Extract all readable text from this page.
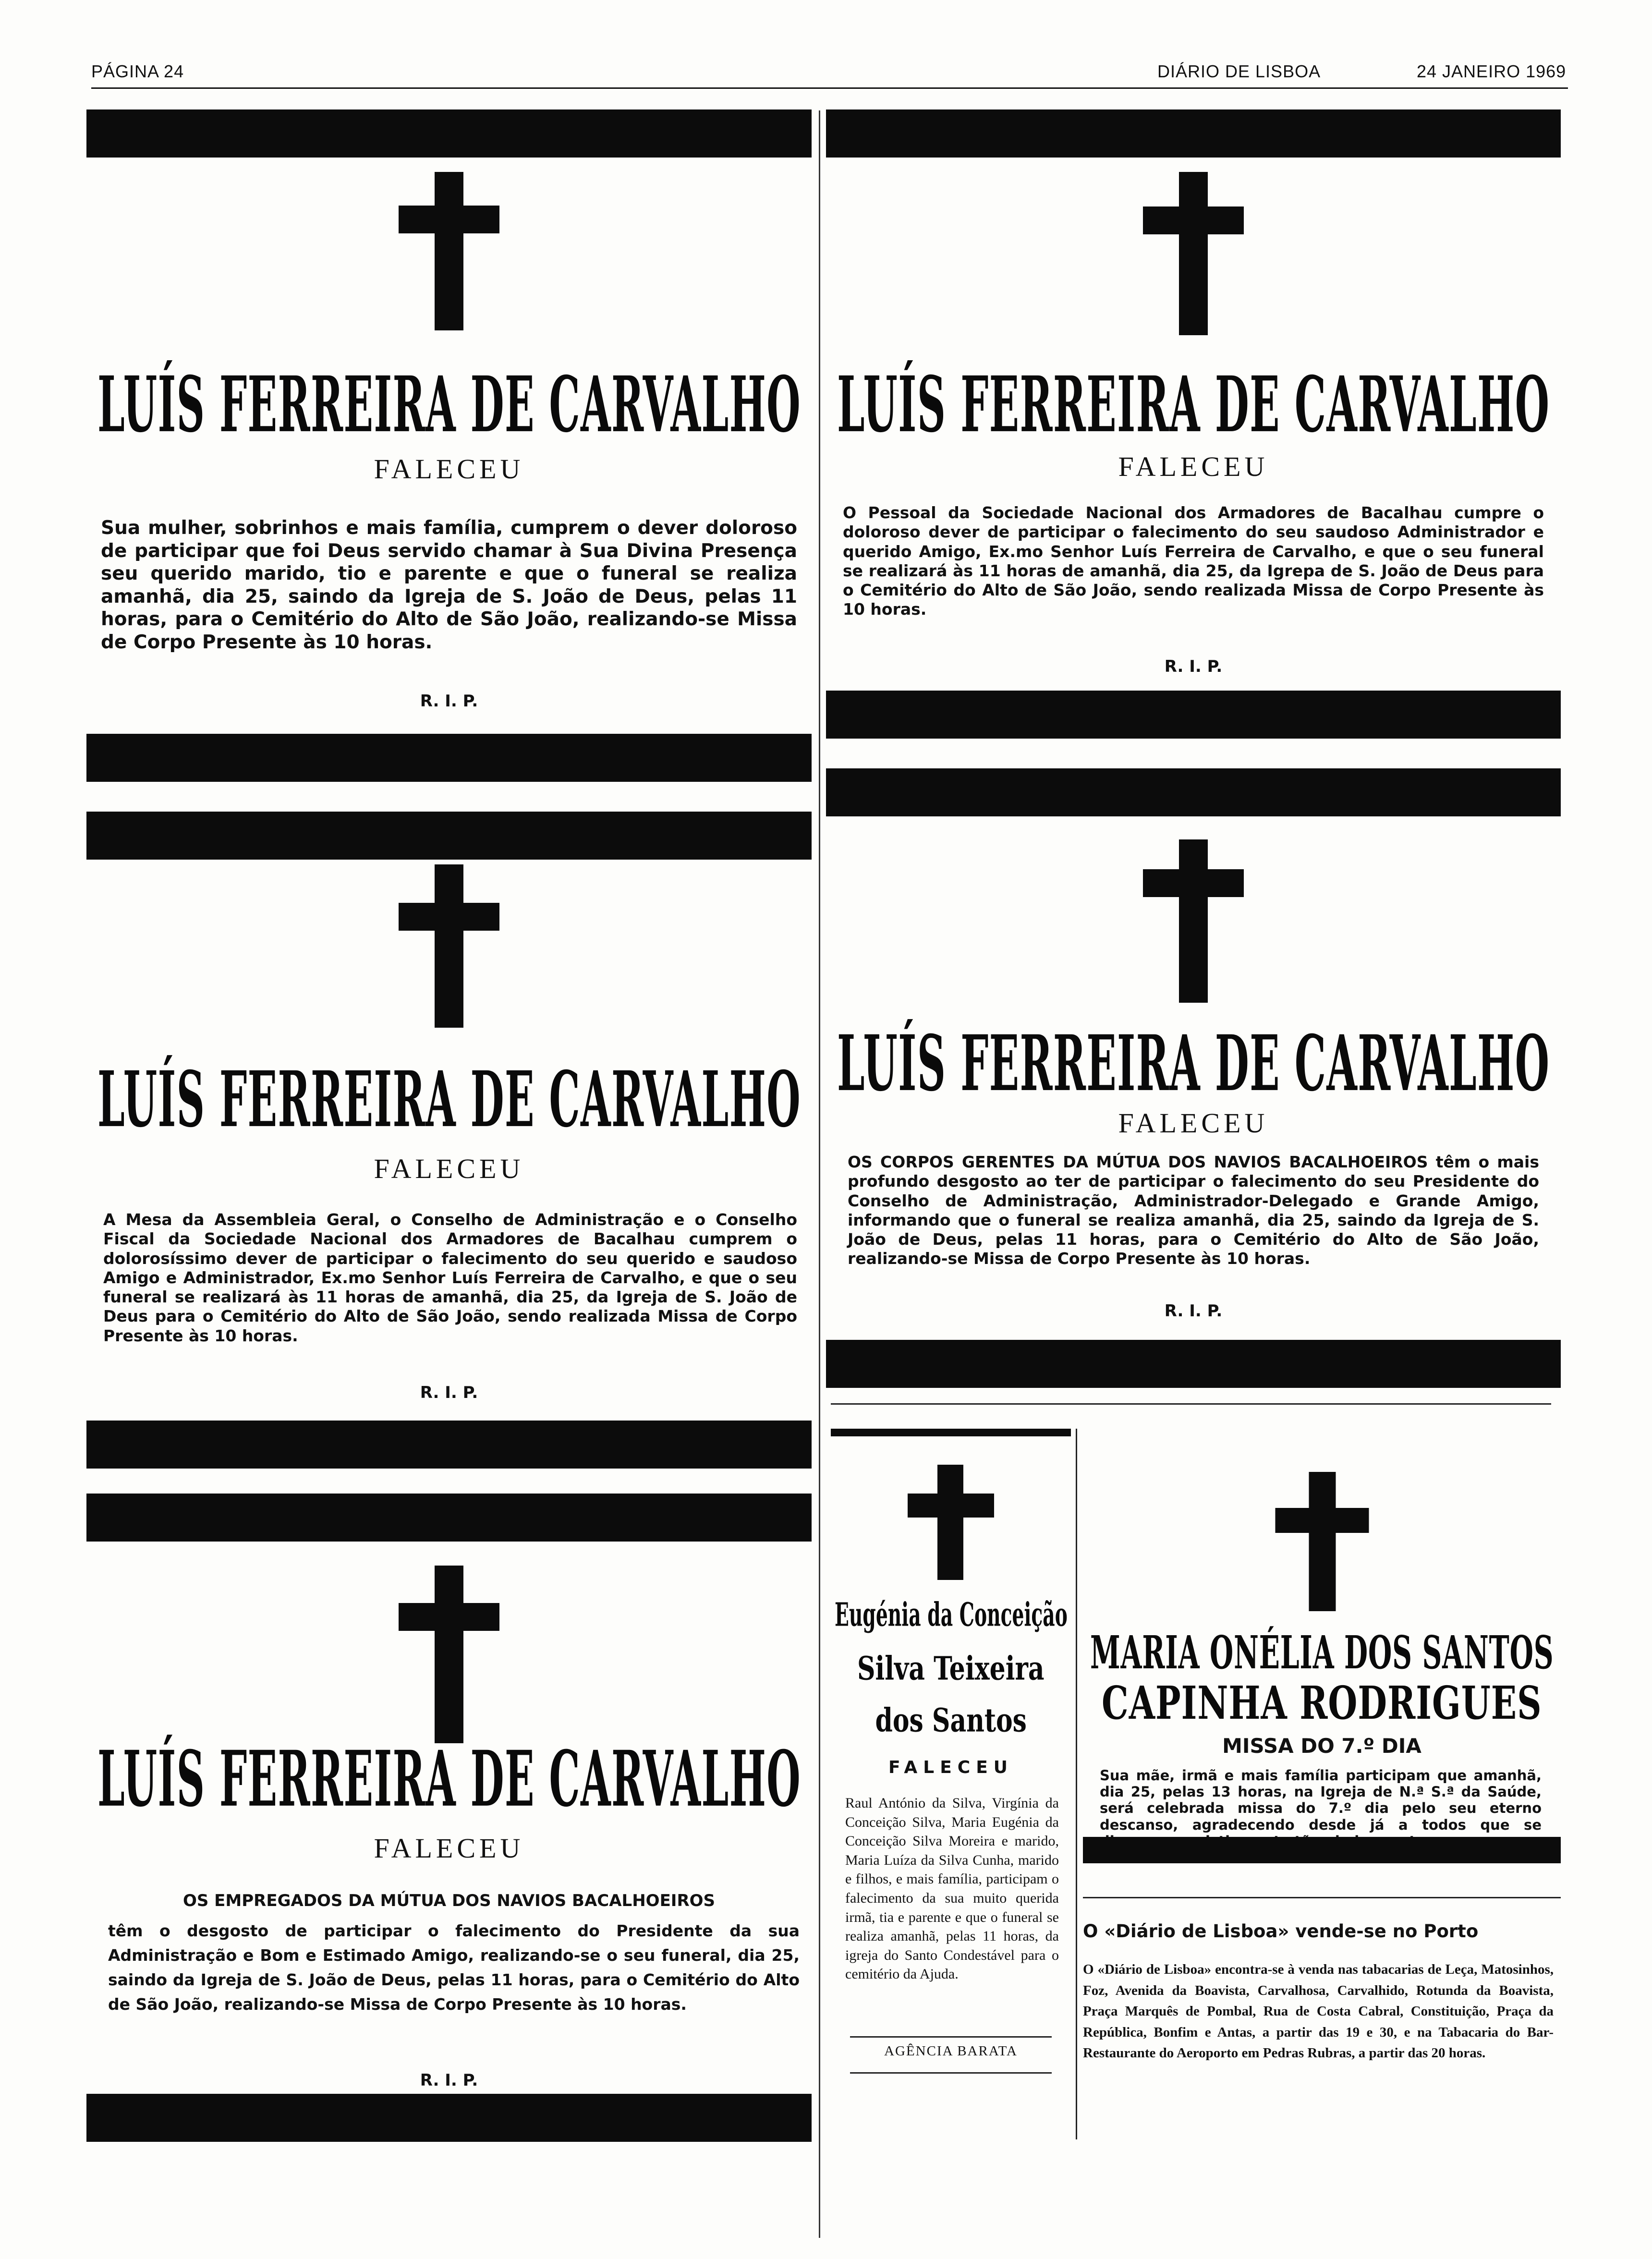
PÁGINA 24	DIÁRIO DE LISBOA	24 JANEIRO 1969
LUÍS FERREIRA DE CARVALHO
FALECEU
Sua mulher, sobrinhos e mais família, cumprem o dever doloroso de participar que foi Deus servido chamar à Sua Divina Presença seu querido marido, tio e parente e que o funeral se realiza amanhã, dia 25, saindo da Igreja de S. João de Deus, pelas 11 horas, para o Cemitério do Alto de São João, realizando-se Missa de Corpo Presente às 10 horas.
R. I. P.
LUÍS FERREIRA DE CARVALHO
FALECEU
O Pessoal da Sociedade Nacional dos Armadores de Bacalhau cumpre o doloroso dever de participar o falecimento do seu saudoso Administrador e querido Amigo, Ex.mo Senhor Luís Ferreira de Carvalho, e que o seu funeral se realizará às 11 horas de amanhã, dia 25, da Igrepa de S. João de Deus para o Cemitério do Alto de São João, sendo realizada Missa de Corpo Presente às 10 horas.
R. I. P.
LUÍS FERREIRA DE CARVALHO
FALECEU
A Mesa da Assembleia Geral, o Conselho de Administração e o Conselho Fiscal da Sociedade Nacional dos Armadores de Bacalhau cumprem o dolorosíssimo dever de participar o falecimento do seu querido e saudoso Amigo e Administrador, Ex.mo Senhor Luís Ferreira de Carvalho, e que o seu funeral se realizará às 11 horas de amanhã, dia 25, da Igreja de S. João de Deus para o Cemitério do Alto de São João, sendo realizada Missa de Corpo Presente às 10 horas.
R. I. P.
LUÍS FERREIRA DE CARVALHO
FALECEU
OS CORPOS GERENTES DA MÚTUA DOS NAVIOS BACALHOEIROS têm o mais profundo desgosto ao ter de participar o falecimento do seu Presidente do Conselho de Administração, Administrador-Delegado e Grande Amigo, informando que o funeral se realiza amanhã, dia 25, saindo da Igreja de S. João de Deus, pelas 11 horas, para o Cemitério do Alto de São João, realizando-se Missa de Corpo Presente às 10 horas.
R. I. P.
LUÍS FERREIRA DE CARVALHO
FALECEU
OS EMPREGADOS DA MÚTUA DOS NAVIOS BACALHOEIROS
têm o desgosto de participar o falecimento do Presidente da sua Administração e Bom e Estimado Amigo, realizando-se o seu funeral, dia 25, saindo da Igreja de S. João de Deus, pelas 11 horas, para o Cemitério do Alto de São João, realizando-se Missa de Corpo Presente às 10 horas.
R. I. P.
Eugénia da Conceição
Silva Teixeira
dos Santos
FALECEU
Raul António da Silva, Virgínia da Conceição Silva, Maria Eugénia da Conceição Silva Moreira e marido, Maria Luíza da Silva Cunha, marido e filhos, e mais família, participam o falecimento da sua muito querida irmã, tia e parente e que o funeral se realiza amanhã, pelas 11 horas, da igreja do Santo Condestável para o cemitério da Ajuda.
AGÊNCIA BARATA
MARIA ONÉLIA DOS SANTOS
CAPINHA RODRIGUES
MISSA DO 7.º DIA
Sua mãe, irmã e mais família participam que amanhã, dia 25, pelas 13 horas, na Igreja de N.ª S.ª da Saúde, será celebrada missa do 7.º dia pelo seu eterno descanso, agradecendo desde já a todos que se
O «Diário de Lisboa» vende-se no Porto
O «Diário de Lisboa» encontra-se à venda nas tabacarias de Leça, Matosinhos, Foz, Avenida da Boavista, Carvalhosa, Carvalhido, Rotunda da Boavista, Praça Marquês de Pombal, Rua de Costa Cabral, Constituição, Praça da República, Bonfim e Antas, a partir das 19 e 30, e na Tabacaria do Bar-Restaurante do Aeroporto em Pedras Rubras, a partir das 20 horas.
